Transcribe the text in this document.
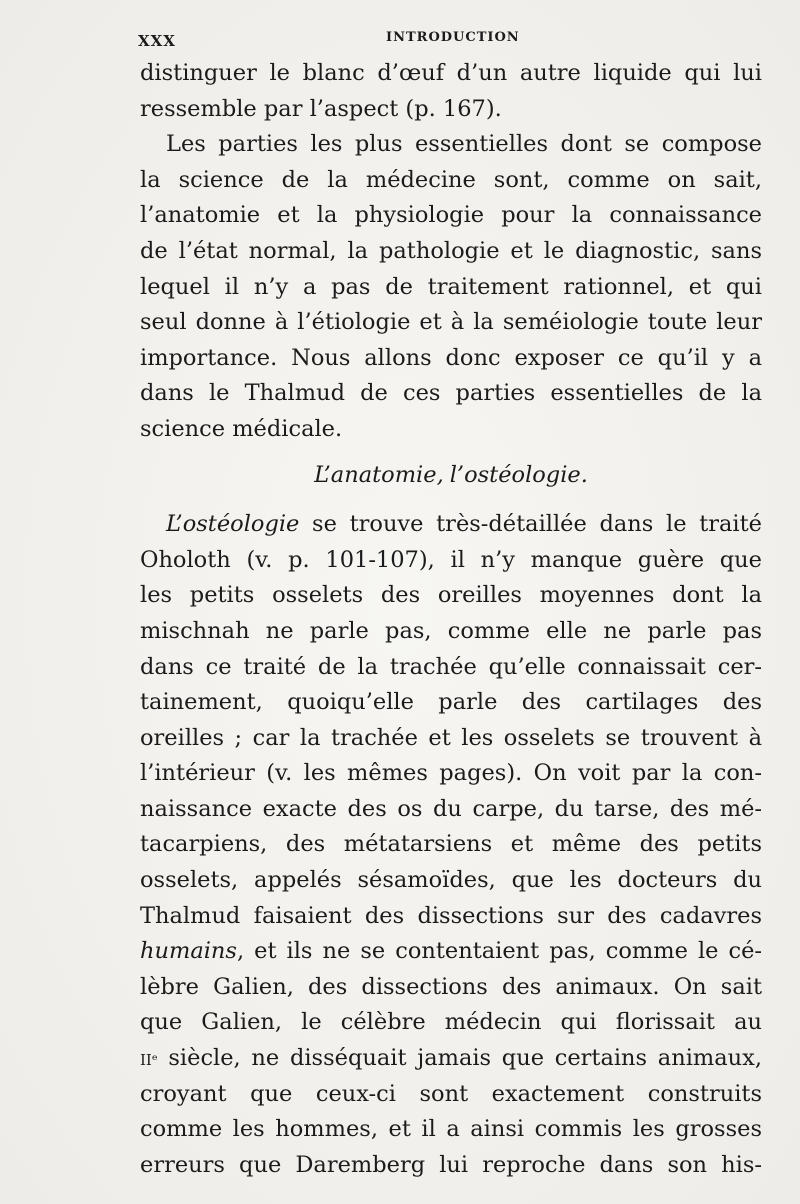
XXX	INTRODUCTION
distinguer le blanc d’œuf d’un autre liquide qui lui
ressemble par l’aspect (p. 167).
Les parties les plus essentielles dont se compose
la science de la médecine sont, comme on sait,
l’anatomie et la physiologie pour la connaissance
de l’état normal, la pathologie et le diagnostic, sans
lequel il n’y a pas de traitement rationnel, et qui
seul donne à l’étiologie et à la seméiologie toute leur
importance. Nous allons donc exposer ce qu’il y a
dans le Thalmud de ces parties essentielles de la
science médicale.
L’anatomie, l’ostéologie.
L’ostéologie se trouve très-détaillée dans le traité
Oholoth (v. p. 101-107), il n’y manque guère que
les petits osselets des oreilles moyennes dont la
mischnah ne parle pas, comme elle ne parle pas
dans ce traité de la trachée qu’elle connaissait cer-
tainement, quoiqu’elle parle des cartilages des
oreilles ; car la trachée et les osselets se trouvent à
l’intérieur (v. les mêmes pages). On voit par la con-
naissance exacte des os du carpe, du tarse, des mé-
tacarpiens, des métatarsiens et même des petits
osselets, appelés sésamoïdes, que les docteurs du
Thalmud faisaient des dissections sur des cadavres
humains, et ils ne se contentaient pas, comme le cé-
lèbre Galien, des dissections des animaux. On sait
que Galien, le célèbre médecin qui florissait au
IIᵉ siècle, ne disséquait jamais que certains animaux,
croyant que ceux-ci sont exactement construits
comme les hommes, et il a ainsi commis les grosses
erreurs que Daremberg lui reproche dans son his-
